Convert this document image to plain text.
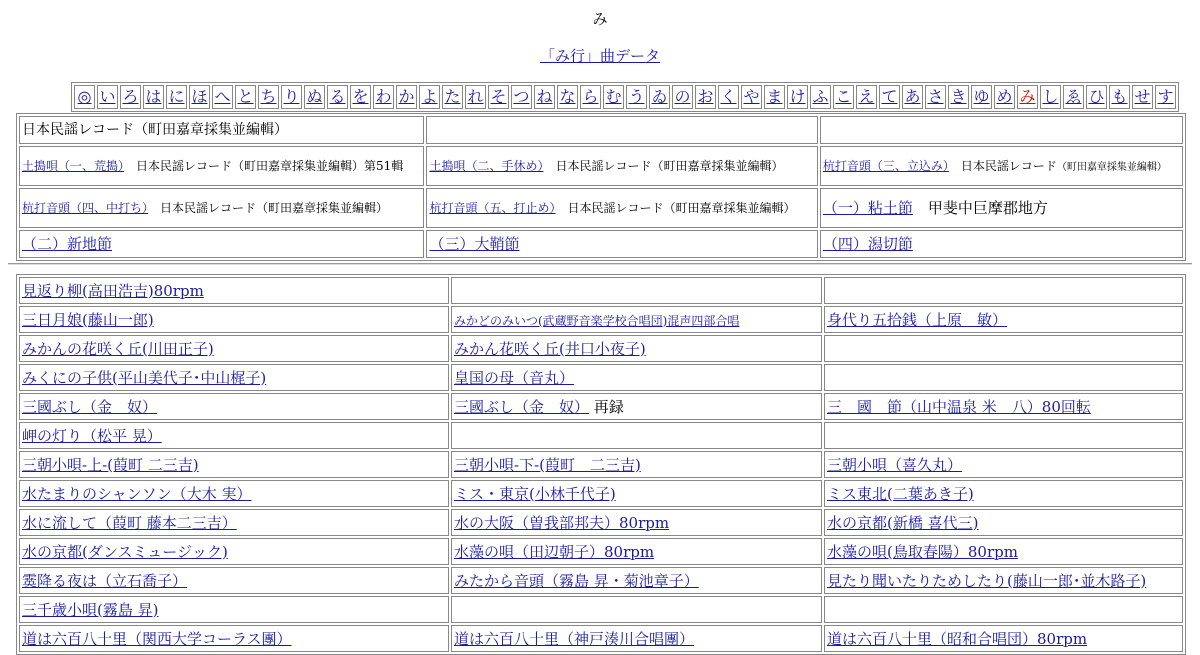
み
「み行」曲データ
◎	い	ろ	は	に	ほ	へ	と	ち	り	ぬ	る	を	わ	か	よ	た	れ	そ	つ	ね	な	ら	む	う	ゐ	の	お	く	や	ま	け	ふ	こ	え	て	あ	さ	き	ゆ	め	み	し	ゑ	ひ	も	せ	す
日本民謡レコード（町田嘉章採集並編輯）		
土搗唄（一、荒搗）　日本民謡レコード（町田嘉章採集並編輯）第51輯	土搗唄（二、手休め）　日本民謡レコード（町田嘉章採集並編輯）	杭打音頭（三、立込み）　日本民謡レコード（町田嘉章採集並編輯）
杭打音頭（四、中打ち）　日本民謡レコード（町田嘉章採集並編輯）	杭打音頭（五、打止め）　日本民謡レコード（町田嘉章採集並編輯）	（一）粘土節　甲斐中巨摩郡地方
（二）新地節	（三）大鞘節	（四）潟切節
見返り柳(高田浩吉)80rpm		
三日月娘(藤山一郎)	みかどのみいつ(武蔵野音楽学校合唱団)混声四部合唱	身代り五拾銭（上原　敏）
みかんの花咲く丘(川田正子)	みかん花咲く丘(井口小夜子)	
みくにの子供(平山美代子･中山梶子)	皇国の母（音丸）	
三國ぶし（金　奴）	三國ぶし（金　奴） 再録	三　國　節（山中温泉 米　八）80回転
岬の灯り（松平 晃）		
三朝小唄-上-(葭町 二三吉)	三朝小唄-下-(葭町　二三吉)	三朝小唄（喜久丸）
水たまりのシャンソン（大木 実）	ミス・東京(小林千代子)	ミス東北(二葉あき子)
水に流して（葭町 藤本二三吉）	水の大阪（曽我部邦夫）80rpm	水の京都(新橋 喜代三)
水の京都(ダンスミュージック)	水藻の唄（田辺朝子）80rpm	水藻の唄(鳥取春陽）80rpm
霙降る夜は（立石喬子）	みたから音頭（霧島 昇・菊池章子）	見たり聞いたりためしたり(藤山一郎･並木路子)
三千歳小唄(霧島 昇)		
道は六百八十里（関西大学コーラス團）	道は六百八十里（神戸湊川合唱團）	道は六百八十里（昭和合唱団）80rpm
